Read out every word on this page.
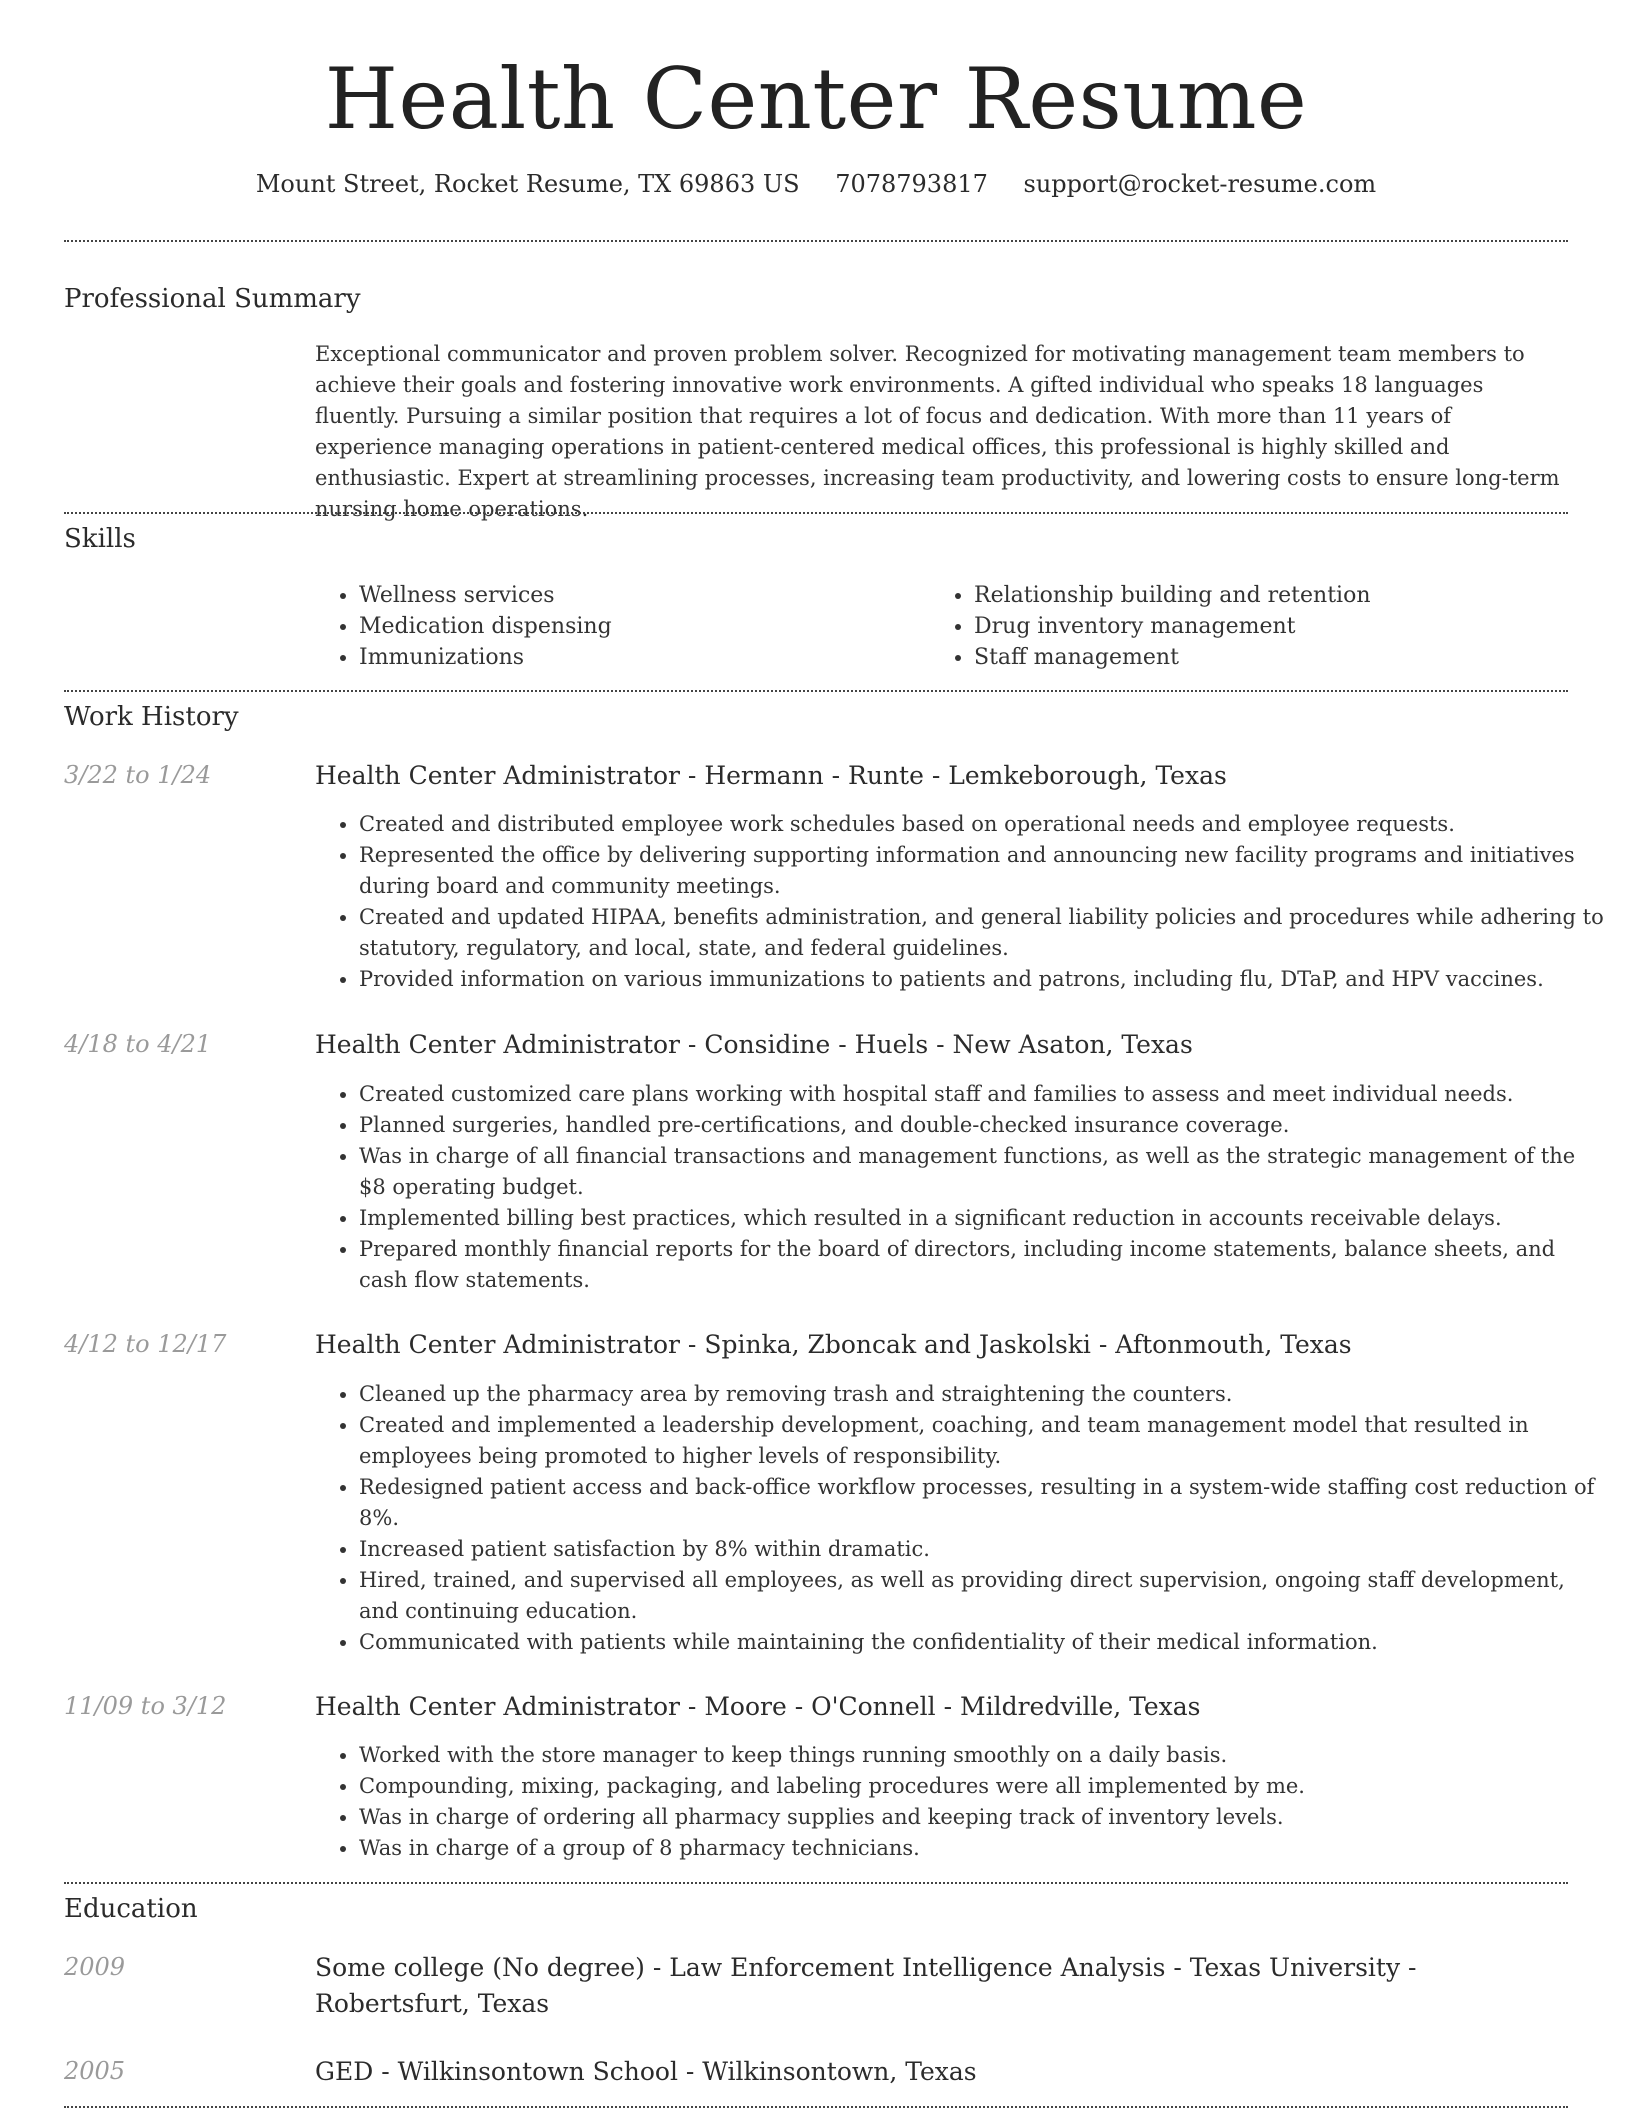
Health Center Resume
Mount Street, Rocket Resume, TX 69863 US 7078793817 support@rocket-resume.com
Professional Summary
Exceptional communicator and proven problem solver. Recognized for motivating management team members to achieve their goals and fostering innovative work environments. A gifted individual who speaks 18 languages fluently. Pursuing a similar position that requires a lot of focus and dedication. With more than 11 years of experience managing operations in patient-centered medical offices, this professional is highly skilled and enthusiastic. Expert at streamlining processes, increasing team productivity, and lowering costs to ensure long-term nursing home operations.
Skills
• Wellness services
• Medication dispensing
• Immunizations
• Relationship building and retention
• Drug inventory management
• Staff management
Work History
3/22 to 1/24	Health Center Administrator - Hermann - Runte - Lemkeborough, Texas
• Created and distributed employee work schedules based on operational needs and employee requests.
• Represented the office by delivering supporting information and announcing new facility programs and initiatives during board and community meetings.
• Created and updated HIPAA, benefits administration, and general liability policies and procedures while adhering to statutory, regulatory, and local, state, and federal guidelines.
• Provided information on various immunizations to patients and patrons, including flu, DTaP, and HPV vaccines.
4/18 to 4/21	Health Center Administrator - Considine - Huels - New Asaton, Texas
• Created customized care plans working with hospital staff and families to assess and meet individual needs.
• Planned surgeries, handled pre-certifications, and double-checked insurance coverage.
• Was in charge of all financial transactions and management functions, as well as the strategic management of the $8 operating budget.
• Implemented billing best practices, which resulted in a significant reduction in accounts receivable delays.
• Prepared monthly financial reports for the board of directors, including income statements, balance sheets, and cash flow statements.
4/12 to 12/17	Health Center Administrator - Spinka, Zboncak and Jaskolski - Aftonmouth, Texas
• Cleaned up the pharmacy area by removing trash and straightening the counters.
• Created and implemented a leadership development, coaching, and team management model that resulted in employees being promoted to higher levels of responsibility.
• Redesigned patient access and back-office workflow processes, resulting in a system-wide staffing cost reduction of 8%.
• Increased patient satisfaction by 8% within dramatic.
• Hired, trained, and supervised all employees, as well as providing direct supervision, ongoing staff development, and continuing education.
• Communicated with patients while maintaining the confidentiality of their medical information.
11/09 to 3/12	Health Center Administrator - Moore - O'Connell - Mildredville, Texas
• Worked with the store manager to keep things running smoothly on a daily basis.
• Compounding, mixing, packaging, and labeling procedures were all implemented by me.
• Was in charge of ordering all pharmacy supplies and keeping track of inventory levels.
• Was in charge of a group of 8 pharmacy technicians.
Education
2009	Some college (No degree) - Law Enforcement Intelligence Analysis - Texas University - Robertsfurt, Texas
2005	GED - Wilkinsontown School - Wilkinsontown, Texas
